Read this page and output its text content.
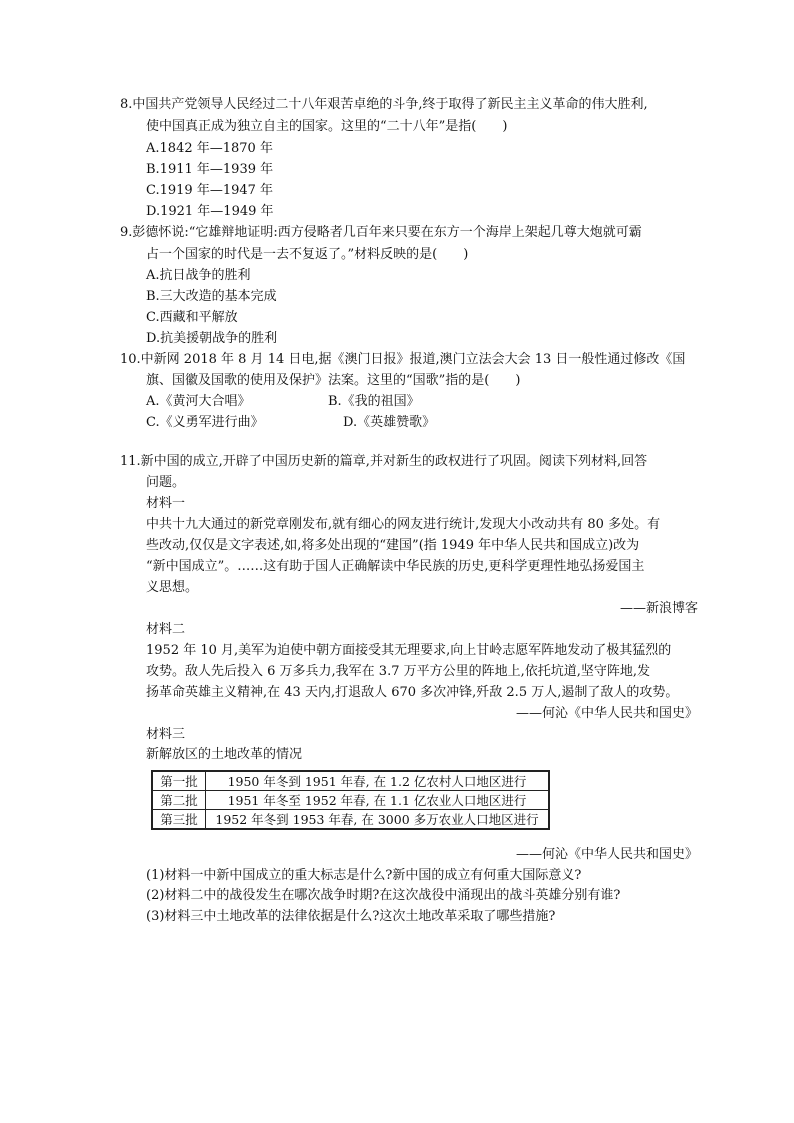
8.中国共产党领导人民经过二十八年艰苦卓绝的斗争,终于取得了新民主主义革命的伟大胜利,
使中国真正成为独立自主的国家。这里的“二十八年”是指(　　)
A.1842 年—1870 年
B.1911 年—1939 年
C.1919 年—1947 年
D.1921 年—1949 年
9.彭德怀说:“它雄辩地证明:西方侵略者几百年来只要在东方一个海岸上架起几尊大炮就可霸
占一个国家的时代是一去不复返了。”材料反映的是(　　)
A.抗日战争的胜利
B.三大改造的基本完成
C.西藏和平解放
D.抗美援朝战争的胜利
10.中新网 2018 年 8 月 14 日电,据《澳门日报》报道,澳门立法会大会 13 日一般性通过修改《国
旗、国徽及国歌的使用及保护》法案。这里的“国歌”指的是(　　)
A.《黄河大合唱》	B.《我的祖国》
C.《义勇军进行曲》	D.《英雄赞歌》
11.新中国的成立,开辟了中国历史新的篇章,并对新生的政权进行了巩固。阅读下列材料,回答
问题。
材料一
中共十九大通过的新党章刚发布,就有细心的网友进行统计,发现大小改动共有 80 多处。有
些改动,仅仅是文字表述,如,将多处出现的“建国”(指 1949 年中华人民共和国成立)改为
“新中国成立”。……这有助于国人正确解读中华民族的历史,更科学更理性地弘扬爱国主
义思想。
——新浪博客
材料二
1952 年 10 月,美军为迫使中朝方面接受其无理要求,向上甘岭志愿军阵地发动了极其猛烈的
攻势。敌人先后投入 6 万多兵力,我军在 3.7 万平方公里的阵地上,依托坑道,坚守阵地,发
扬革命英雄主义精神,在 43 天内,打退敌人 670 多次冲锋,歼敌 2.5 万人,遏制了敌人的攻势。
——何沁《中华人民共和国史》
材料三
新解放区的土地改革的情况
第一批	1950 年冬到 1951 年春, 在 1.2 亿农村人口地区进行
第二批	1951 年冬至 1952 年春, 在 1.1 亿农业人口地区进行
第三批	1952 年冬到 1953 年春, 在 3000 多万农业人口地区进行
——何沁《中华人民共和国史》
(1)材料一中新中国成立的重大标志是什么?新中国的成立有何重大国际意义?
(2)材料二中的战役发生在哪次战争时期?在这次战役中涌现出的战斗英雄分别有谁?
(3)材料三中土地改革的法律依据是什么?这次土地改革采取了哪些措施?
